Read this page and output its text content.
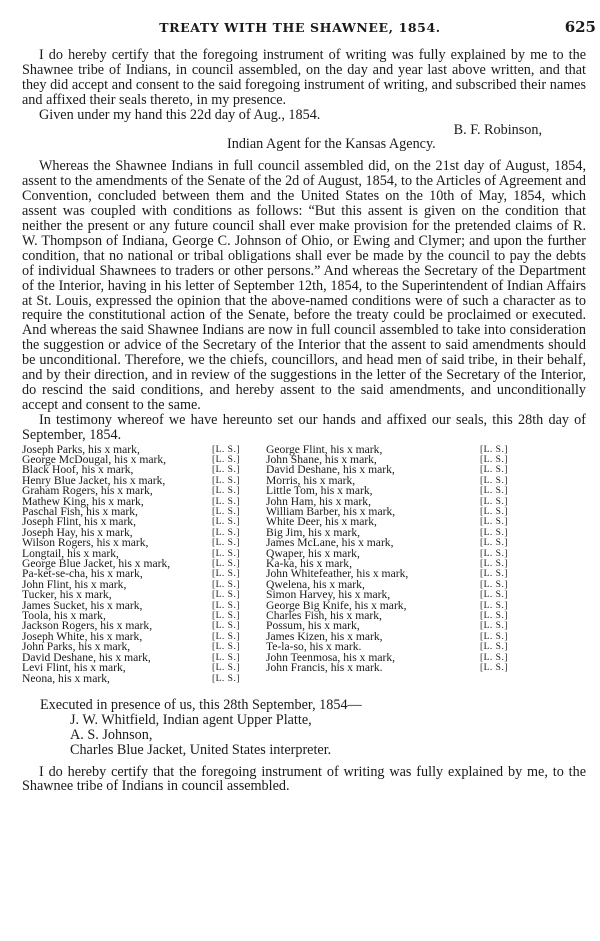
TREATY WITH THE SHAWNEE, 1854.	625

I do hereby certify that the foregoing instrument of writing was fully explained by me to the Shawnee tribe of Indians, in council assembled, on the day and year last above written, and that they did accept and consent to the said foregoing instrument of writing, and subscribed their names and affixed their seals thereto, in my presence.

Given under my hand this 22d day of Aug., 1854.

B. F. Robinson,

Indian Agent for the Kansas Agency.

Whereas the Shawnee Indians in full council assembled did, on the 21st day of August, 1854, assent to the amendments of the Senate of the 2d of August, 1854, to the Articles of Agreement and Convention, concluded between them and the United States on the 10th of May, 1854, which assent was coupled with conditions as follows: “But this assent is given on the condition that neither the present or any future council shall ever make provision for the pretended claims of R. W. Thompson of Indiana, George C. Johnson of Ohio, or Ewing and Clymer; and upon the further condition, that no national or tribal obligations shall ever be made by the council to pay the debts of individual Shawnees to traders or other persons.” And whereas the Secretary of the Department of the Interior, having in his letter of September 12th, 1854, to the Superintendent of Indian Affairs at St. Louis, expressed the opinion that the above-named conditions were of such a character as to require the constitutional action of the Senate, before the treaty could be proclaimed or executed. And whereas the said Shawnee Indians are now in full council assembled to take into consideration the suggestion or advice of the Secretary of the Interior that the assent to said amendments should be unconditional. Therefore, we the chiefs, councillors, and head men of said tribe, in their behalf, and by their direction, and in review of the suggestions in the letter of the Secretary of the Interior, do rescind the said conditions, and hereby assent to the said amendments, and unconditionally accept and consent to the same.

In testimony whereof we have hereunto set our hands and affixed our seals, this 28th day of September, 1854.

Joseph Parks, his x mark,	[L. S.]
George McDougal, his x mark,	[L. S.]
Black Hoof, his x mark,	[L. S.]
Henry Blue Jacket, his x mark,	[L. S.]
Graham Rogers, his x mark,	[L. S.]
Mathew King, his x mark,	[L. S.]
Paschal Fish, his x mark,	[L. S.]
Joseph Flint, his x mark,	[L. S.]
Joseph Hay, his x mark,	[L. S.]
Wilson Rogers, his x mark,	[L. S.]
Longtail, his x mark,	[L. S.]
George Blue Jacket, his x mark,	[L. S.]
Pa-ket-se-cha, his x mark,	[L. S.]
John Flint, his x mark,	[L. S.]
Tucker, his x mark,	[L. S.]
James Sucket, his x mark,	[L. S.]
Toola, his x mark,	[L. S.]
Jackson Rogers, his x mark,	[L. S.]
Joseph White, his x mark,	[L. S.]
John Parks, his x mark,	[L. S.]
David Deshane, his x mark,	[L. S.]
Levi Flint, his x mark,	[L. S.]
Neona, his x mark,	[L. S.]
George Flint, his x mark,	[L. S.]
John Shane, his x mark,	[L. S.]
David Deshane, his x mark,	[L. S.]
Morris, his x mark,	[L. S.]
Little Tom, his x mark,	[L. S.]
John Ham, his x mark,	[L. S.]
William Barber, his x mark,	[L. S.]
White Deer, his x mark,	[L. S.]
Big Jim, his x mark,	[L. S.]
James McLane, his x mark,	[L. S.]
Qwaper, his x mark,	[L. S.]
Ka-ka, his x mark,	[L. S.]
John Whitefeather, his x mark,	[L. S.]
Qwelena, his x mark,	[L. S.]
Simon Harvey, his x mark,	[L. S.]
George Big Knife, his x mark,	[L. S.]
Charles Fish, his x mark,	[L. S.]
Possum, his x mark,	[L. S.]
James Kizen, his x mark,	[L. S.]
Te-la-so, his x mark.	[L. S.]
John Teenmosa, his x mark,	[L. S.]
John Francis, his x mark.	[L. S.]

Executed in presence of us, this 28th September, 1854—

J. W. Whitfield, Indian agent Upper Platte,

A. S. Johnson,

Charles Blue Jacket, United States interpreter.

I do hereby certify that the foregoing instrument of writing was fully explained by me, to the Shawnee tribe of Indians in council assembled.
